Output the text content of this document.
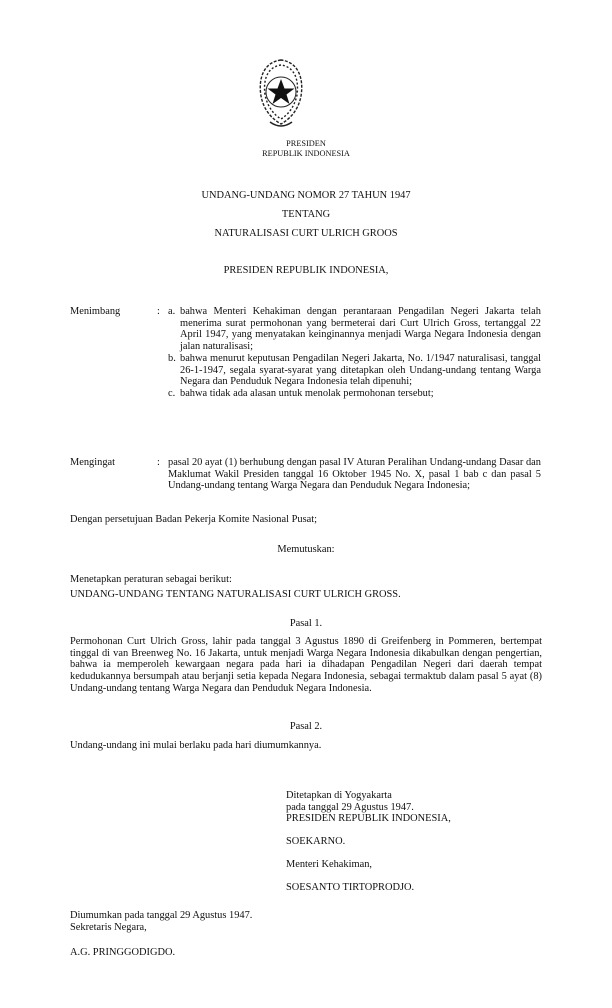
PRESIDEN
REPUBLIK INDONESIA
UNDANG-UNDANG NOMOR 27 TAHUN 1947
TENTANG
NATURALISASI CURT ULRICH GROOS
PRESIDEN REPUBLIK INDONESIA,
Menimbang	: a. bahwa Menteri Kehakiman dengan perantaraan Pengadilan Negeri Jakarta telah menerima surat permohonan yang bermeterai dari Curt Ulrich Gross, tertanggal 22 April 1947, yang menyatakan keinginannya menjadi Warga Negara Indonesia dengan jalan naturalisasi;
b. bahwa menurut keputusan Pengadilan Negeri Jakarta, No. 1/1947 naturalisasi, tanggal 26-1-1947, segala syarat-syarat yang ditetapkan oleh Undang-undang tentang Warga Negara dan Penduduk Negara Indonesia telah dipenuhi;
c. bahwa tidak ada alasan untuk menolak permohonan tersebut;
Mengingat	: pasal 20 ayat (1) berhubung dengan pasal IV Aturan Peralihan Undang-undang Dasar dan Maklumat Wakil Presiden tanggal 16 Oktober 1945 No. X, pasal 1 bab c dan pasal 5 Undang-undang tentang Warga Negara dan Penduduk Negara Indonesia;
Dengan persetujuan Badan Pekerja Komite Nasional Pusat;
Memutuskan:
Menetapkan peraturan sebagai berikut:
UNDANG-UNDANG TENTANG NATURALISASI CURT ULRICH GROSS.
Pasal 1.
Permohonan Curt Ulrich Gross, lahir pada tanggal 3 Agustus 1890 di Greifenberg in Pommeren, bertempat tinggal di van Breenweg No. 16 Jakarta, untuk menjadi Warga Negara Indonesia dikabulkan dengan pengertian, bahwa ia memperoleh kewargaan negara pada hari ia dihadapan Pengadilan Negeri dari daerah tempat kedudukannya bersumpah atau berjanji setia kepada Negara Indonesia, sebagai termaktub dalam pasal 5 ayat (8) Undang-undang tentang Warga Negara dan Penduduk Negara Indonesia.
Pasal 2.
Undang-undang ini mulai berlaku pada hari diumumkannya.
Ditetapkan di Yogyakarta
pada tanggal 29 Agustus 1947.
PRESIDEN REPUBLIK INDONESIA,
SOEKARNO.
Menteri Kehakiman,
SOESANTO TIRTOPRODJO.
Diumumkan pada tanggal 29 Agustus 1947.
Sekretaris Negara,
A.G. PRINGGODIGDO.
